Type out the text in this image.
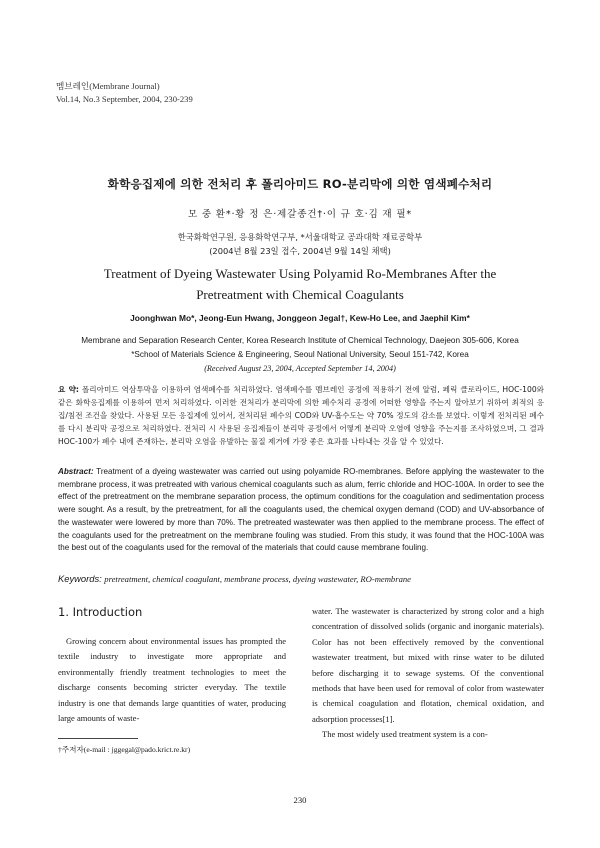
멤브레인(Membrane Journal)
Vol.14, No.3 September, 2004, 230-239
화학응집제에 의한 전처리 후 폴리아미드 RO-분리막에 의한 염색폐수처리
모 중 환*·황 정 은·제갈종건†·이 규 호·김 재 필*
한국화학연구원, 응용화학연구부, *서울대학교 공과대학 재료공학부
(2004년 8월 23일 접수, 2004년 9월 14일 채택)
Treatment of Dyeing Wastewater Using Polyamid Ro-Membranes After the
Pretreatment with Chemical Coagulants
Joonghwan Mo*, Jeong-Eun Hwang, Jonggeon Jegal†, Kew-Ho Lee, and Jaephil Kim*
Membrane and Separation Research Center, Korea Research Institute of Chemical Technology, Daejeon 305-606, Korea
*School of Materials Science & Engineering, Seoul National University, Seoul 151-742, Korea
(Received August 23, 2004, Accepted September 14, 2004)
요 약: 폴리아미드 역삼투막을 이용하여 염색폐수를 처리하였다. 염색폐수를 멤브레인 공정에 적용하기 전에 알럼, 페릭 클로라이드, HOC-100와 같은 화학응집제를 이용하여 먼저 처리하였다. 이러한 전처리가 분리막에 의한 폐수처리 공정에 어떠한 영향을 주는지 알아보기 위하여 최적의 응집/침전 조건을 찾았다. 사용된 모든 응집제에 있어서, 전처리된 폐수의 COD와 UV-흡수도는 약 70% 정도의 감소를 보였다. 이렇게 전처리된 폐수를 다시 분리막 공정으로 처리하였다. 전처리 시 사용된 응집제들이 분리막 공정에서 어떻게 분리막 오염에 영향을 주는지를 조사하였으며, 그 결과 HOC-100가 폐수 내에 존재하는, 분리막 오염을 유발하는 물질 제거에 가장 좋은 효과를 나타내는 것을 알 수 있었다.
Abstract: Treatment of a dyeing wastewater was carried out using polyamide RO-membranes. Before applying the wastewater to the membrane process, it was pretreated with various chemical coagulants such as alum, ferric chloride and HOC-100A. In order to see the effect of the pretreatment on the membrane separation process, the optimum conditions for the coagulation and sedimentation process were sought. As a result, by the pretreatment, for all the coagulants used, the chemical oxygen demand (COD) and UV-absorbance of the wastewater were lowered by more than 70%. The pretreated wastewater was then applied to the membrane process. The effect of the coagulants used for the pretreatment on the membrane fouling was studied. From this study, it was found that the HOC-100A was the best out of the coagulants used for the removal of the materials that could cause membrane fouling.
Keywords: pretreatment, chemical coagulant, membrane process, dyeing wastewater, RO-membrane
1. Introduction
Growing concern about environmental issues has prompted the textile industry to investigate more appropriate and environmentally friendly treatment technologies to meet the discharge consents becoming stricter everyday. The textile industry is one that demands large quantities of water, producing large amounts of waste-

water. The wastewater is characterized by strong color and a high concentration of dissolved solids (organic and inorganic materials). Color has not been effectively removed by the conventional wastewater treatment, but mixed with rinse water to be diluted before discharging it to sewage systems. Of the conventional methods that have been used for removal of color from wastewater is chemical coagulation and flotation, chemical oxidation, and adsorption processes[1].

The most widely used treatment system is a con-

†주저자(e-mail : jggegal@pado.krict.re.kr)
230
